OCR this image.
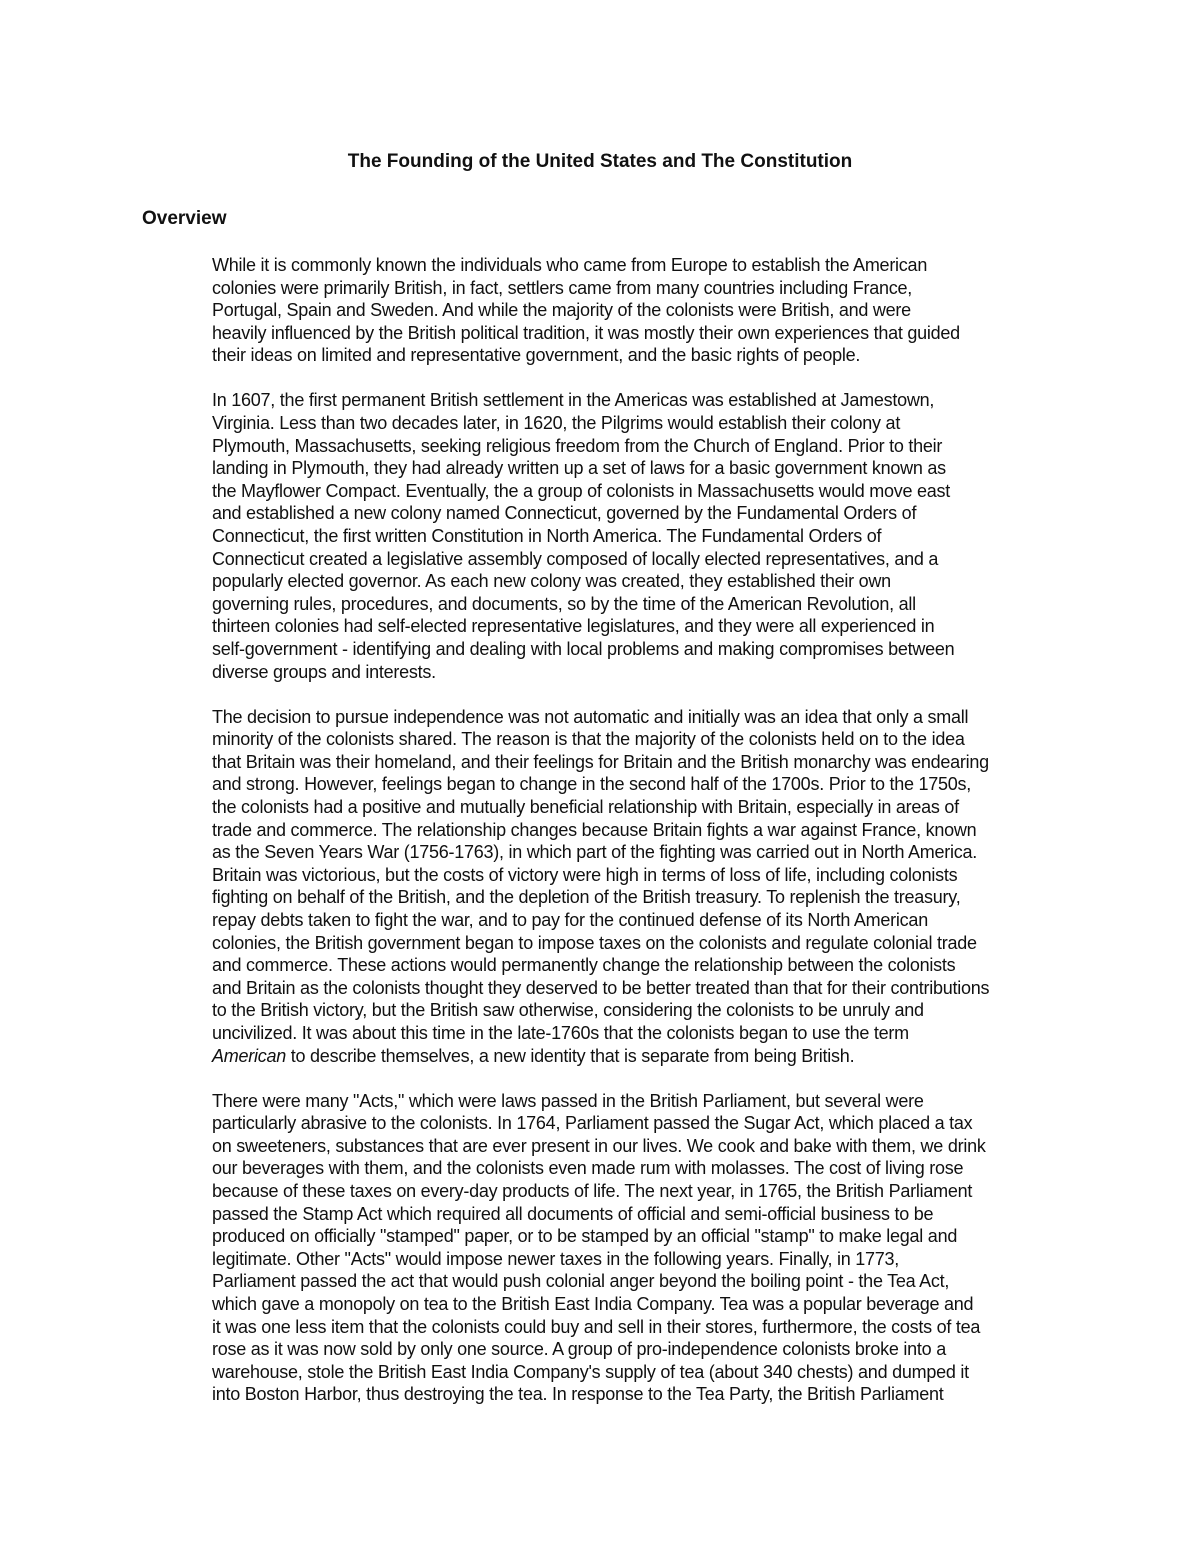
The Founding of the United States and The Constitution
Overview

While it is commonly known the individuals who came from Europe to establish the American
colonies were primarily British, in fact, settlers came from many countries including France,
Portugal, Spain and Sweden. And while the majority of the colonists were British, and were
heavily influenced by the British political tradition, it was mostly their own experiences that guided
their ideas on limited and representative government, and the basic rights of people.

In 1607, the first permanent British settlement in the Americas was established at Jamestown,
Virginia. Less than two decades later, in 1620, the Pilgrims would establish their colony at
Plymouth, Massachusetts, seeking religious freedom from the Church of England. Prior to their
landing in Plymouth, they had already written up a set of laws for a basic government known as
the Mayflower Compact. Eventually, the a group of colonists in Massachusetts would move east
and established a new colony named Connecticut, governed by the Fundamental Orders of
Connecticut, the first written Constitution in North America. The Fundamental Orders of
Connecticut created a legislative assembly composed of locally elected representatives, and a
popularly elected governor. As each new colony was created, they established their own
governing rules, procedures, and documents, so by the time of the American Revolution, all
thirteen colonies had self-elected representative legislatures, and they were all experienced in
self-government - identifying and dealing with local problems and making compromises between
diverse groups and interests.

The decision to pursue independence was not automatic and initially was an idea that only a small
minority of the colonists shared. The reason is that the majority of the colonists held on to the idea
that Britain was their homeland, and their feelings for Britain and the British monarchy was endearing
and strong. However, feelings began to change in the second half of the 1700s. Prior to the 1750s,
the colonists had a positive and mutually beneficial relationship with Britain, especially in areas of
trade and commerce. The relationship changes because Britain fights a war against France, known
as the Seven Years War (1756-1763), in which part of the fighting was carried out in North America.
Britain was victorious, but the costs of victory were high in terms of loss of life, including colonists
fighting on behalf of the British, and the depletion of the British treasury. To replenish the treasury,
repay debts taken to fight the war, and to pay for the continued defense of its North American
colonies, the British government began to impose taxes on the colonists and regulate colonial trade
and commerce. These actions would permanently change the relationship between the colonists
and Britain as the colonists thought they deserved to be better treated than that for their contributions
to the British victory, but the British saw otherwise, considering the colonists to be unruly and
uncivilized. It was about this time in the late-1760s that the colonists began to use the term
American to describe themselves, a new identity that is separate from being British.

There were many "Acts," which were laws passed in the British Parliament, but several were
particularly abrasive to the colonists. In 1764, Parliament passed the Sugar Act, which placed a tax
on sweeteners, substances that are ever present in our lives. We cook and bake with them, we drink
our beverages with them, and the colonists even made rum with molasses. The cost of living rose
because of these taxes on every-day products of life. The next year, in 1765, the British Parliament
passed the Stamp Act which required all documents of official and semi-official business to be
produced on officially "stamped" paper, or to be stamped by an official "stamp" to make legal and
legitimate. Other "Acts" would impose newer taxes in the following years. Finally, in 1773,
Parliament passed the act that would push colonial anger beyond the boiling point - the Tea Act,
which gave a monopoly on tea to the British East India Company. Tea was a popular beverage and
it was one less item that the colonists could buy and sell in their stores, furthermore, the costs of tea
rose as it was now sold by only one source. A group of pro-independence colonists broke into a
warehouse, stole the British East India Company's supply of tea (about 340 chests) and dumped it
into Boston Harbor, thus destroying the tea. In response to the Tea Party, the British Parliament
